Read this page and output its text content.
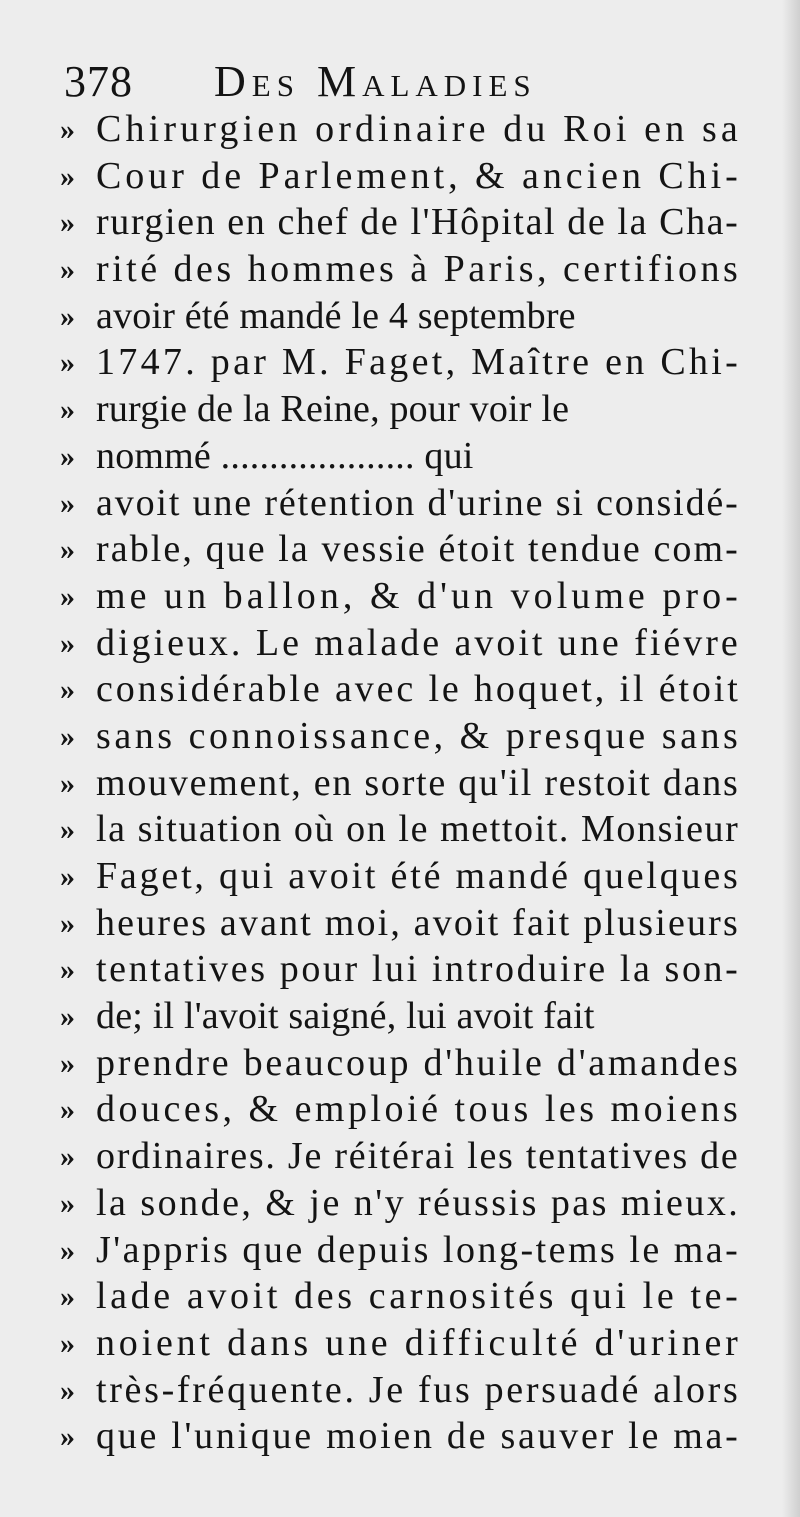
378 Des Maladies
» Chirurgien ordinaire du Roi en sa
» Cour de Parlement, & ancien Chi-
» rurgien en chef de l'Hôpital de la Cha-
» rité des hommes à Paris, certifions
» avoir été mandé le 4 septembre
» 1747. par M. Faget, Maître en Chi-
» rurgie de la Reine, pour voir le
» nommé .................... qui
» avoit une rétention d'urine si considé-
» rable, que la vessie étoit tendue com-
» me un ballon, & d'un volume pro-
» digieux. Le malade avoit une fiévre
» considérable avec le hoquet, il étoit
» sans connoissance, & presque sans
» mouvement, en sorte qu'il restoit dans
» la situation où on le mettoit. Monsieur
» Faget, qui avoit été mandé quelques
» heures avant moi, avoit fait plusieurs
» tentatives pour lui introduire la son-
» de; il l'avoit saigné, lui avoit fait
» prendre beaucoup d'huile d'amandes
» douces, & emploié tous les moiens
» ordinaires. Je réitérai les tentatives de
» la sonde, & je n'y réussis pas mieux.
» J'appris que depuis long-tems le ma-
» lade avoit des carnosités qui le te-
» noient dans une difficulté d'uriner
» très-fréquente. Je fus persuadé alors
» que l'unique moien de sauver le ma-
